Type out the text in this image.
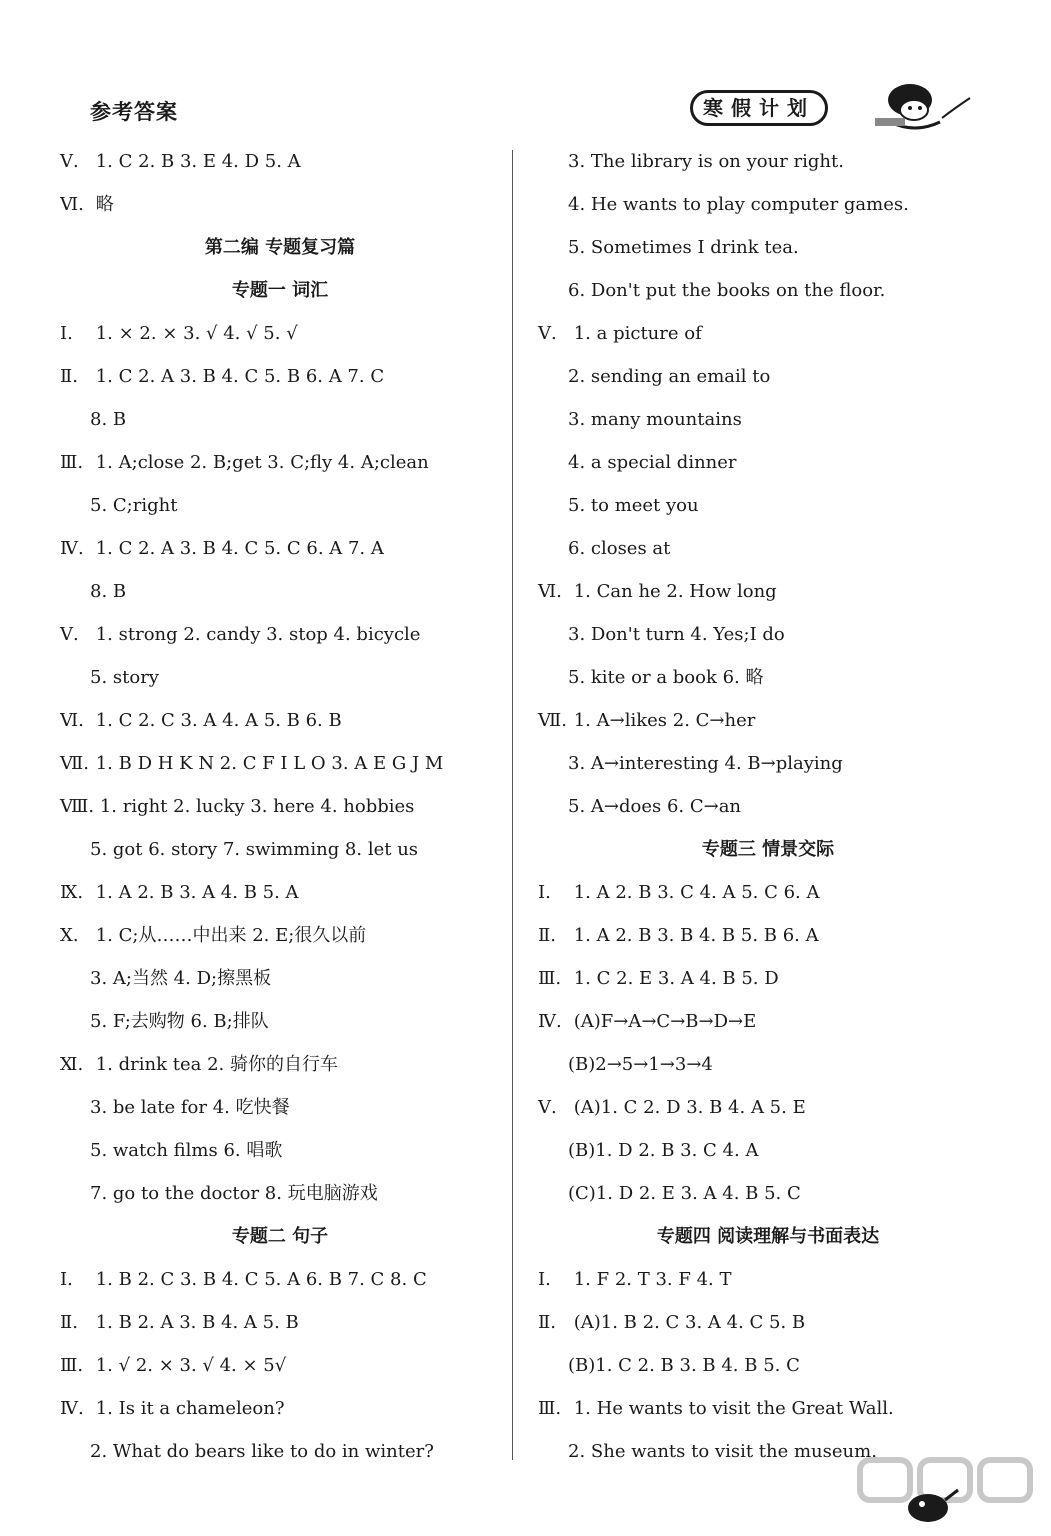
参考答案	寒假计划
Ⅴ. 1. C 2. B 3. E 4. D 5. A
Ⅵ. 略
第二编 专题复习篇
专题一 词汇
Ⅰ. 1. × 2. × 3. √ 4. √ 5. √
Ⅱ. 1. C 2. A 3. B 4. C 5. B 6. A 7. C
8. B
Ⅲ. 1. A;close 2. B;get 3. C;fly 4. A;clean
5. C;right
Ⅳ. 1. C 2. A 3. B 4. C 5. C 6. A 7. A
8. B
Ⅴ. 1. strong 2. candy 3. stop 4. bicycle
5. story
Ⅵ. 1. C 2. C 3. A 4. A 5. B 6. B
Ⅶ. 1. B D H K N 2. C F I L O 3. A E G J M
Ⅷ. 1. right 2. lucky 3. here 4. hobbies
5. got 6. story 7. swimming 8. let us
Ⅸ. 1. A 2. B 3. A 4. B 5. A
Ⅹ. 1. C;从……中出来 2. E;很久以前
3. A;当然 4. D;擦黑板
5. F;去购物 6. B;排队
Ⅺ. 1. drink tea 2. 骑你的自行车
3. be late for 4. 吃快餐
5. watch films 6. 唱歌
7. go to the doctor 8. 玩电脑游戏
专题二 句子
Ⅰ. 1. B 2. C 3. B 4. C 5. A 6. B 7. C 8. C
Ⅱ. 1. B 2. A 3. B 4. A 5. B
Ⅲ. 1. √ 2. × 3. √ 4. × 5√
Ⅳ. 1. Is it a chameleon?
2. What do bears like to do in winter?
3. The library is on your right.
4. He wants to play computer games.
5. Sometimes I drink tea.
6. Don't put the books on the floor.
Ⅴ. 1. a picture of
2. sending an email to
3. many mountains
4. a special dinner
5. to meet you
6. closes at
Ⅵ. 1. Can he 2. How long
3. Don't turn 4. Yes;I do
5. kite or a book 6. 略
Ⅶ. 1. A→likes 2. C→her
3. A→interesting 4. B→playing
5. A→does 6. C→an
专题三 情景交际
Ⅰ. 1. A 2. B 3. C 4. A 5. C 6. A
Ⅱ. 1. A 2. B 3. B 4. B 5. B 6. A
Ⅲ. 1. C 2. E 3. A 4. B 5. D
Ⅳ. (A)F→A→C→B→D→E
(B)2→5→1→3→4
Ⅴ. (A)1. C 2. D 3. B 4. A 5. E
(B)1. D 2. B 3. C 4. A
(C)1. D 2. E 3. A 4. B 5. C
专题四 阅读理解与书面表达
Ⅰ. 1. F 2. T 3. F 4. T
Ⅱ. (A)1. B 2. C 3. A 4. C 5. B
(B)1. C 2. B 3. B 4. B 5. C
Ⅲ. 1. He wants to visit the Great Wall.
2. She wants to visit the museum.
